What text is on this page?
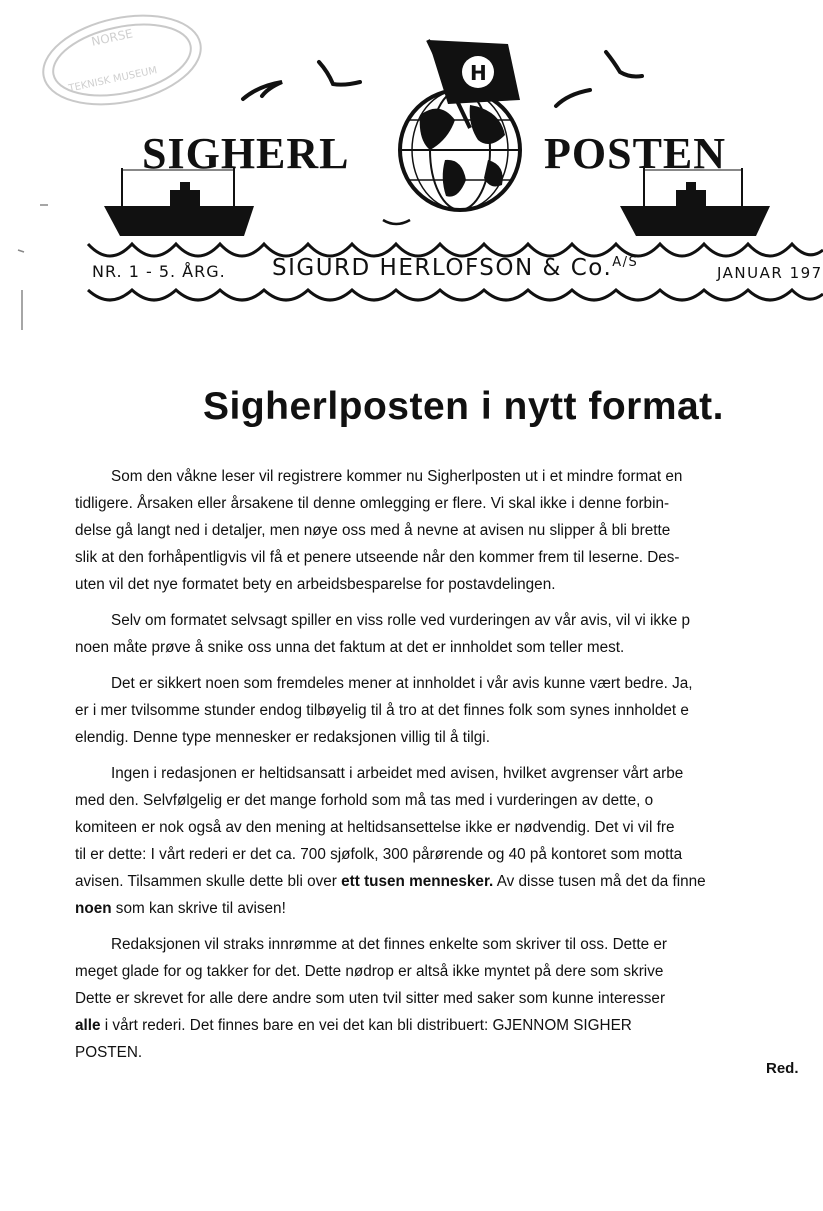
NORSE
TEKNISK MUSEUM	H
SIGHERL	POSTEN
NR. 1 - 5. ÅRG. SIGURD HERLOFSON & Co.$^{A/S}$
JANUAR 197
Sigherlposten i nytt format.

Som den våkne leser vil registrere kommer nu Sigherlposten ut i et mindre format en
tidligere. Årsaken eller årsakene til denne omlegging er flere. Vi skal ikke i denne forbin-
delse gå langt ned i detaljer, men nøye oss med å nevne at avisen nu slipper å bli brette
slik at den forhåpentligvis vil få et penere utseende når den kommer frem til leserne. Des-
uten vil det nye formatet bety en arbeidsbesparelse for postavdelingen.

Selv om formatet selvsagt spiller en viss rolle ved vurderingen av vår avis, vil vi ikke p
noen måte prøve å snike oss unna det faktum at det er innholdet som teller mest.

Det er sikkert noen som fremdeles mener at innholdet i vår avis kunne vært bedre. Ja,
er i mer tvilsomme stunder endog tilbøyelig til å tro at det finnes folk som synes innholdet e
elendig. Denne type mennesker er redaksjonen villig til å tilgi.

Ingen i redasjonen er heltidsansatt i arbeidet med avisen, hvilket avgrenser vårt arbe
med den. Selvfølgelig er det mange forhold som må tas med i vurderingen av dette, o
komiteen er nok også av den mening at heltidsansettelse ikke er nødvendig. Det vi vil fre
til er dette: I vårt rederi er det ca. 700 sjøfolk, 300 pårørende og 40 på kontoret som motta
avisen. Tilsammen skulle dette bli over ett tusen mennesker. Av disse tusen må det da finne
noen som kan skrive til avisen!

Redaksjonen vil straks innrømme at det finnes enkelte som skriver til oss. Dette er
meget glade for og takker for det. Dette nødrop er altså ikke myntet på dere som skrive
Dette er skrevet for alle dere andre som uten tvil sitter med saker som kunne interesser
alle i vårt rederi. Det finnes bare en vei det kan bli distribuert: GJENNOM SIGHER
POSTEN.

Red.
